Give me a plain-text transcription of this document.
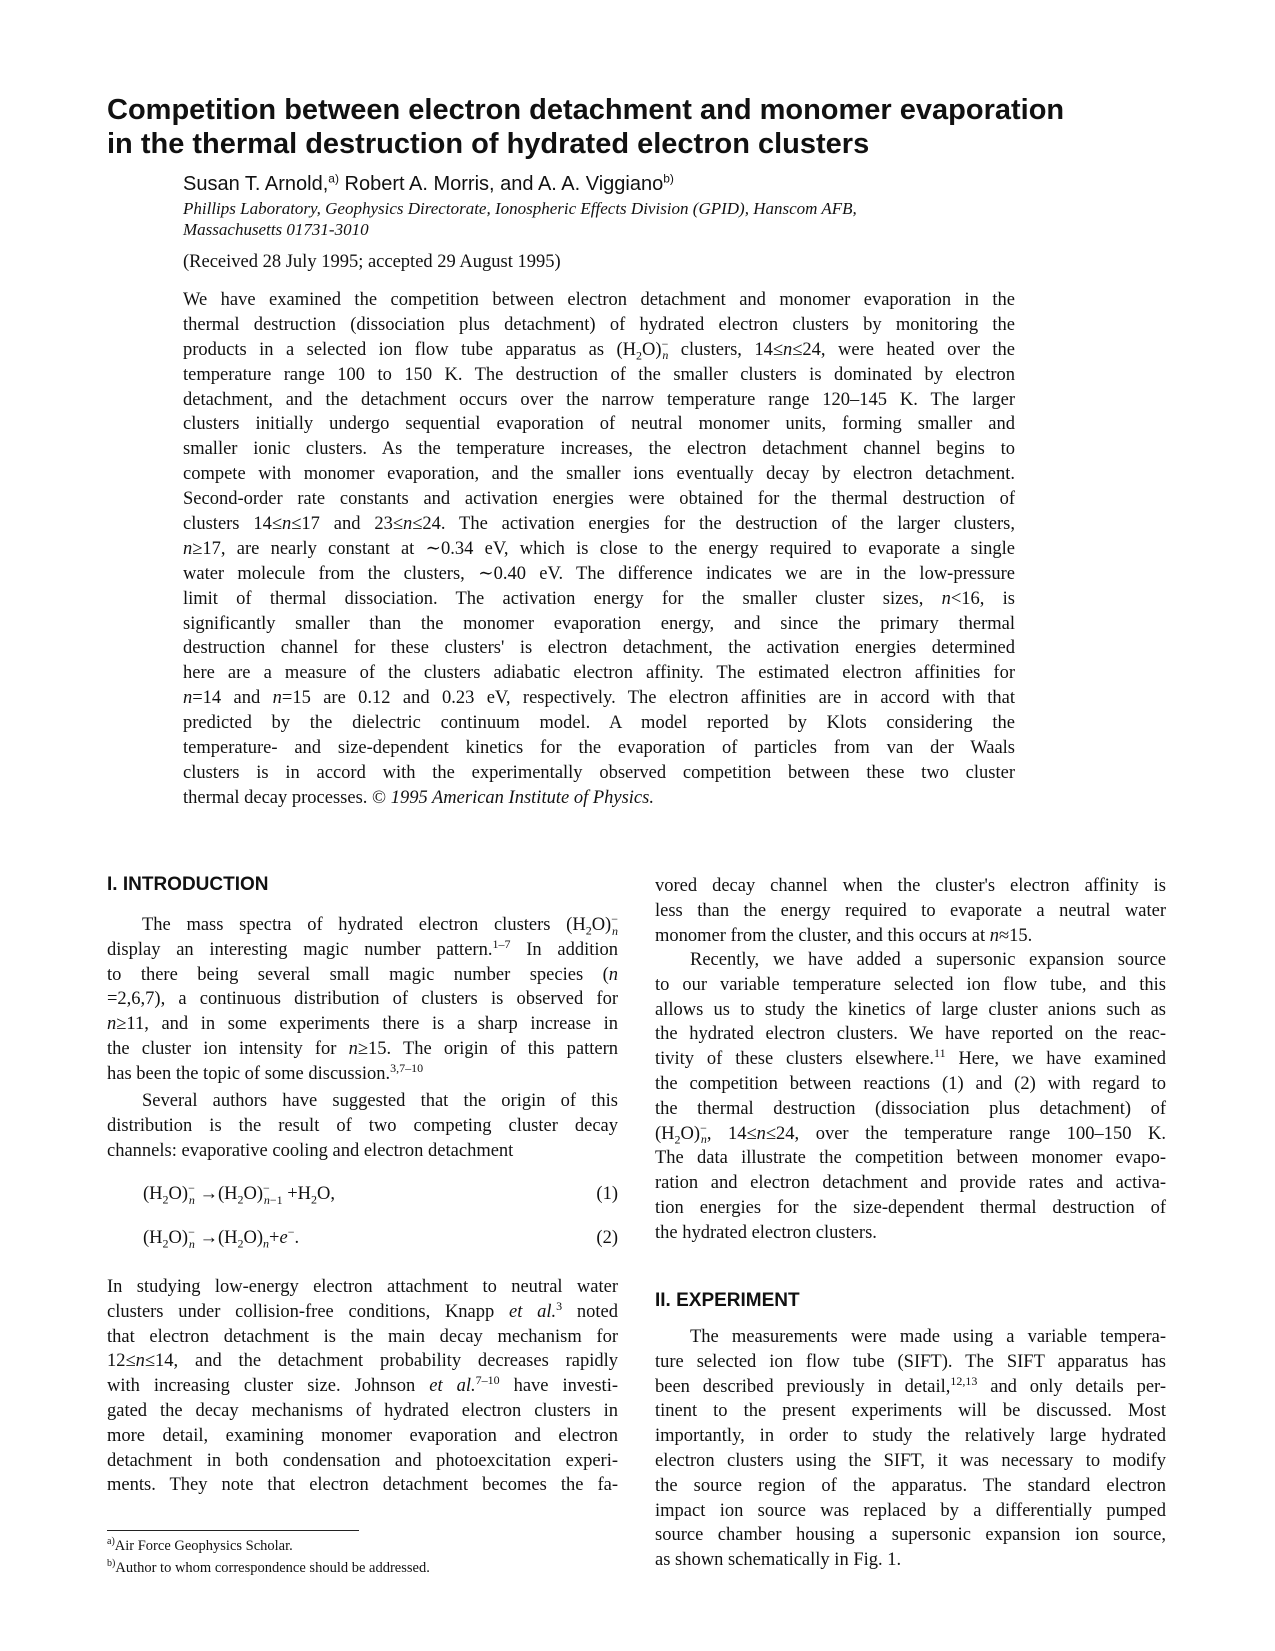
Competition between electron detachment and monomer evaporation
in the thermal destruction of hydrated electron clusters

Susan T. Arnold,$^{a)}$ Robert A. Morris, and A. A. Viggiano$^{b)}$

Phillips Laboratory, Geophysics Directorate, Ionospheric Effects Division (GPID), Hanscom AFB,
Massachusetts 01731-3010

(Received 28 July 1995; accepted 29 August 1995)

We have examined the competition between electron detachment and monomer evaporation in the
thermal destruction (dissociation plus detachment) of hydrated electron clusters by monitoring the
products in a selected ion flow tube apparatus as $(H_2O)^-_n$ clusters, 14≤n≤24, were heated over the
temperature range 100 to 150 K. The destruction of the smaller clusters is dominated by electron
detachment, and the detachment occurs over the narrow temperature range 120–145 K. The larger
clusters initially undergo sequential evaporation of neutral monomer units, forming smaller and
smaller ionic clusters. As the temperature increases, the electron detachment channel begins to
compete with monomer evaporation, and the smaller ions eventually decay by electron detachment.
Second-order rate constants and activation energies were obtained for the thermal destruction of
clusters 14≤n≤17 and 23≤n≤24. The activation energies for the destruction of the larger clusters,
n≥17, are nearly constant at ∼0.34 eV, which is close to the energy required to evaporate a single
water molecule from the clusters, ∼0.40 eV. The difference indicates we are in the low-pressure
limit of thermal dissociation. The activation energy for the smaller cluster sizes, n<16, is
significantly smaller than the monomer evaporation energy, and since the primary thermal
destruction channel for these clusters' is electron detachment, the activation energies determined
here are a measure of the clusters adiabatic electron affinity. The estimated electron affinities for
n=14 and n=15 are 0.12 and 0.23 eV, respectively. The electron affinities are in accord with that
predicted by the dielectric continuum model. A model reported by Klots considering the
temperature- and size-dependent kinetics for the evaporation of particles from van der Waals
clusters is in accord with the experimentally observed competition between these two cluster
thermal decay processes. © 1995 American Institute of Physics.
I. INTRODUCTION
The mass spectra of hydrated electron clusters $(H_2O)^-_n$
display an interesting magic number pattern.$^{1-7}$ In addition
to there being several small magic number species (n
=2,6,7), a continuous distribution of clusters is observed for
n≥11, and in some experiments there is a sharp increase in
the cluster ion intensity for n≥15. The origin of this pattern
has been the topic of some discussion.$^{3,7-10}$
Several authors have suggested that the origin of this
distribution is the result of two competing cluster decay
channels: evaporative cooling and electron detachment
$(H_2O)^-_n \to(H_2O)^-_{n-1} +H_2O$,	(1)
$(H_2O)^-_n \to(H_2O)_n+e^-$.	(2)
In studying low-energy electron attachment to neutral water
clusters under collision-free conditions, Knapp et al.$^3$ noted
that electron detachment is the main decay mechanism for
12≤n≤14, and the detachment probability decreases rapidly
with increasing cluster size. Johnson et al.$^{7-10}$ have investi-
gated the decay mechanisms of hydrated electron clusters in
more detail, examining monomer evaporation and electron
detachment in both condensation and photoexcitation experi-
ments. They note that electron detachment becomes the fa-

$^{a)}$Air Force Geophysics Scholar.

$^{b)}$Author to whom correspondence should be addressed.

vored decay channel when the cluster's electron affinity is
less than the energy required to evaporate a neutral water
monomer from the cluster, and this occurs at n≈15.
Recently, we have added a supersonic expansion source
to our variable temperature selected ion flow tube, and this
allows us to study the kinetics of large cluster anions such as
the hydrated electron clusters. We have reported on the reac-
tivity of these clusters elsewhere.$^{11}$ Here, we have examined
the competition between reactions (1) and (2) with regard to
the thermal destruction (dissociation plus detachment) of
$(H_2O)^-_n$, 14≤n≤24, over the temperature range 100–150 K.
The data illustrate the competition between monomer evapo-
ration and electron detachment and provide rates and activa-
tion energies for the size-dependent thermal destruction of
the hydrated electron clusters.
II. EXPERIMENT
The measurements were made using a variable tempera-
ture selected ion flow tube (SIFT). The SIFT apparatus has
been described previously in detail,$^{12,13}$ and only details per-
tinent to the present experiments will be discussed. Most
importantly, in order to study the relatively large hydrated
electron clusters using the SIFT, it was necessary to modify
the source region of the apparatus. The standard electron
impact ion source was replaced by a differentially pumped
source chamber housing a supersonic expansion ion source,
as shown schematically in Fig. 1.
